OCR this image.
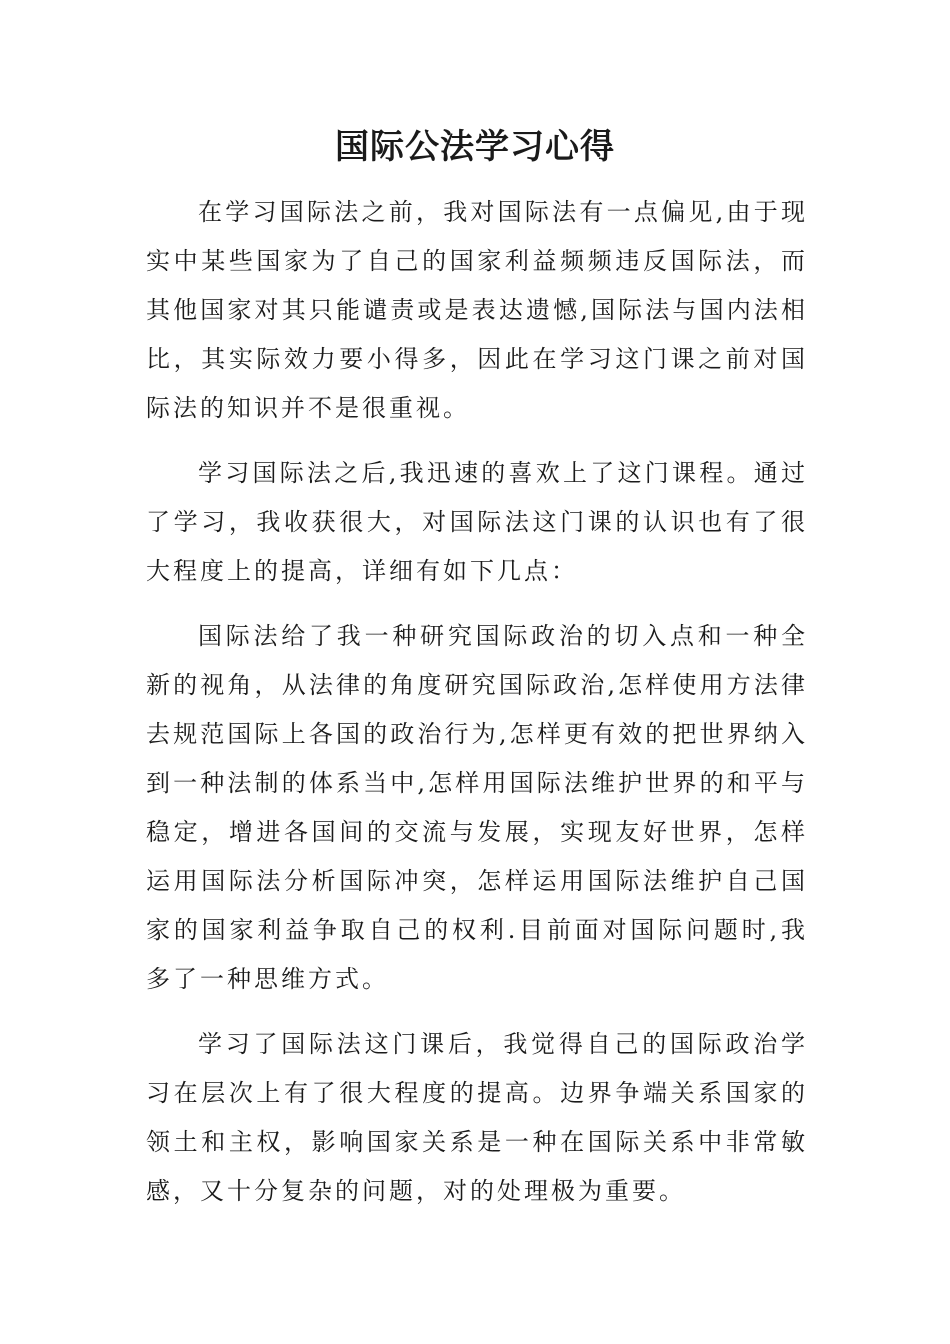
国际公法学习心得

在学习国际法之前，我对国际法有一点偏见,由于现实中某些国家为了自己的国家利益频频违反国际法，而其他国家对其只能谴责或是表达遗憾,国际法与国内法相比，其实际效力要小得多，因此在学习这门课之前对国际法的知识并不是很重视。

学习国际法之后,我迅速的喜欢上了这门课程。通过了学习，我收获很大，对国际法这门课的认识也有了很大程度上的提高，详细有如下几点：

国际法给了我一种研究国际政治的切入点和一种全新的视角，从法律的角度研究国际政治,怎样使用方法律去规范国际上各国的政治行为,怎样更有效的把世界纳入到一种法制的体系当中,怎样用国际法维护世界的和平与稳定，增进各国间的交流与发展，实现友好世界，怎样运用国际法分析国际冲突，怎样运用国际法维护自己国家的国家利益争取自己的权利.目前面对国际问题时,我多了一种思维方式。

学习了国际法这门课后，我觉得自己的国际政治学习在层次上有了很大程度的提高。边界争端关系国家的领土和主权，影响国家关系是一种在国际关系中非常敏感，又十分复杂的问题，对的处理极为重要。
